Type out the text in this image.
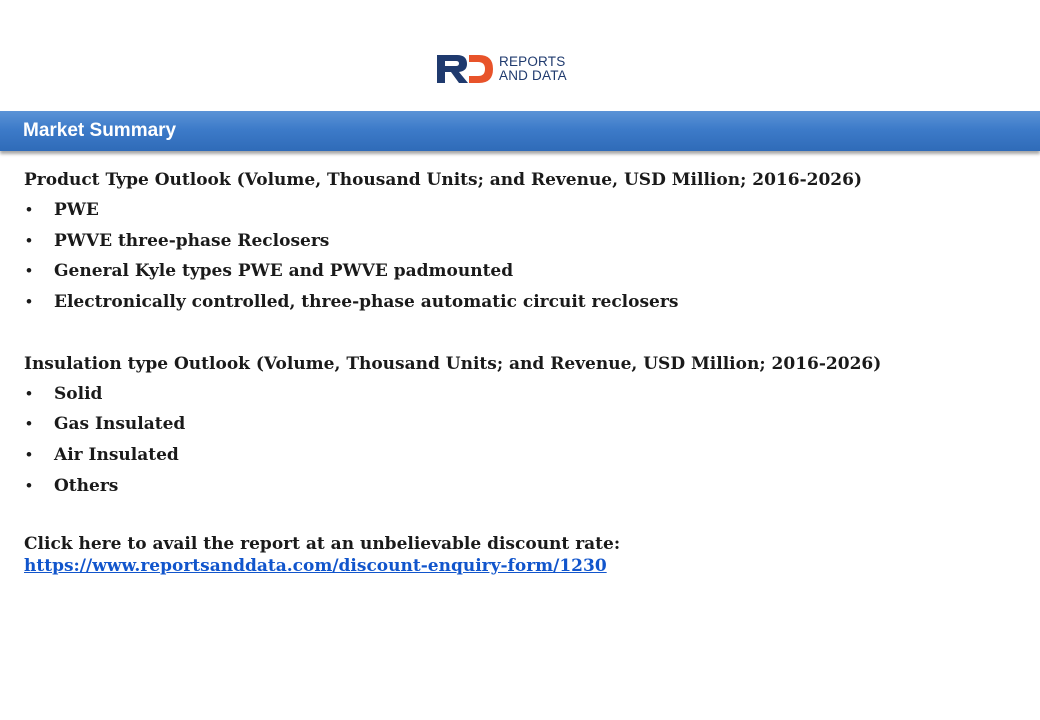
REPORTS
AND DATA
Market Summary
Product Type Outlook (Volume, Thousand Units; and Revenue, USD Million; 2016-2026)
• PWE
• PWVE three-phase Reclosers
• General Kyle types PWE and PWVE padmounted
• Electronically controlled, three-phase automatic circuit reclosers
Insulation type Outlook (Volume, Thousand Units; and Revenue, USD Million; 2016-2026)
• Solid
• Gas Insulated
• Air Insulated
• Others
Click here to avail the report at an unbelievable discount rate:
https://www.reportsanddata.com/discount-enquiry-form/1230
